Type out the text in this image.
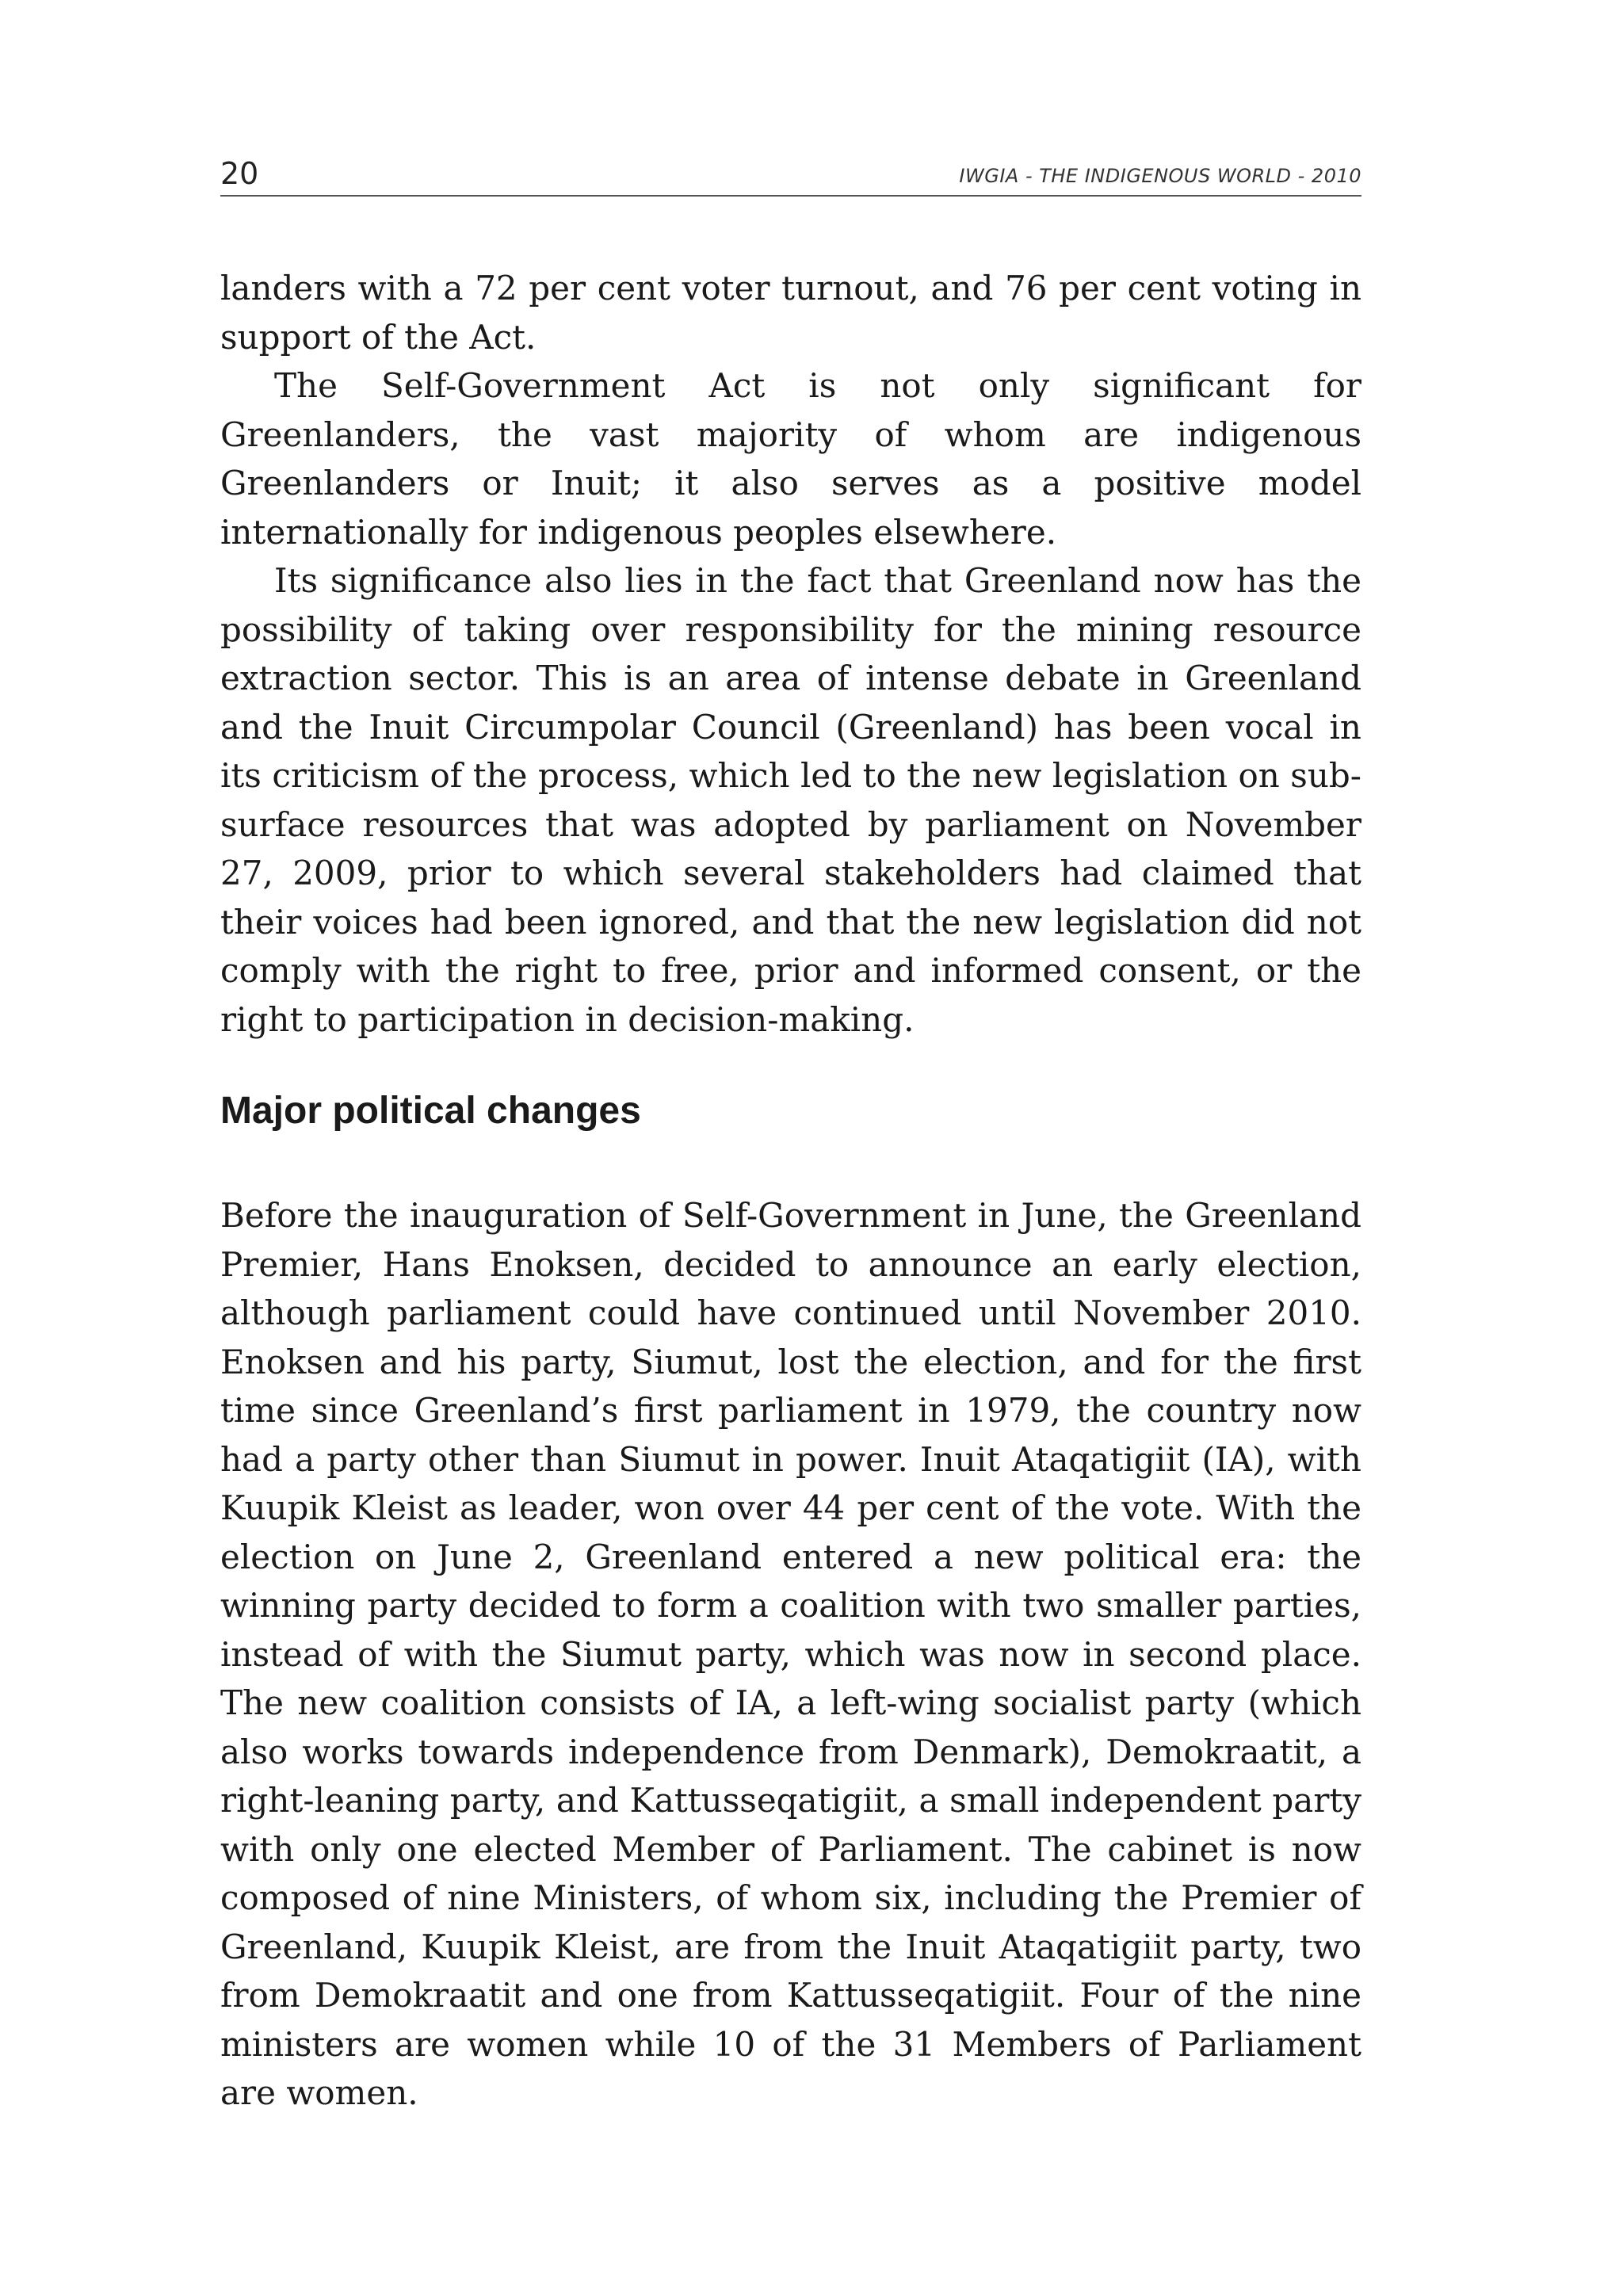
20	IWGIA - THE INDIGENOUS WORLD - 2010

landers with a 72 per cent voter turnout, and 76 per cent voting in support of the Act.

The Self-Government Act is not only significant for Greenlanders, the vast majority of whom are indigenous Greenlanders or Inuit; it also serves as a positive model internationally for indigenous peoples elsewhere.

Its significance also lies in the fact that Greenland now has the possibility of taking over responsibility for the mining resource extraction sector. This is an area of intense debate in Greenland and the Inuit Circumpolar Council (Greenland) has been vocal in its criticism of the process, which led to the new legislation on sub-surface resources that was adopted by parliament on November 27, 2009, prior to which several stakeholders had claimed that their voices had been ignored, and that the new legislation did not comply with the right to free, prior and informed consent, or the right to participation in decision-making.

Major political changes

Before the inauguration of Self-Government in June, the Greenland Premier, Hans Enoksen, decided to announce an early election, although parliament could have continued until November 2010. Enoksen and his party, Siumut, lost the election, and for the first time since Greenland’s first parliament in 1979, the country now had a party other than Siumut in power. Inuit Ataqatigiit (IA), with Kuupik Kleist as leader, won over 44 per cent of the vote. With the election on June 2, Greenland entered a new political era: the winning party decided to form a coalition with two smaller parties, instead of with the Siumut party, which was now in second place. The new coalition consists of IA, a left-wing socialist party (which also works towards independence from Denmark), Demokraatit, a right-leaning party, and Kattusseqatigiit, a small independent party with only one elected Member of Parliament. The cabinet is now composed of nine Ministers, of whom six, including the Premier of Greenland, Kuupik Kleist, are from the Inuit Ataqatigiit party, two from Demokraatit and one from Kattusseqatigiit. Four of the nine ministers are women while 10 of the 31 Members of Parliament are women.
